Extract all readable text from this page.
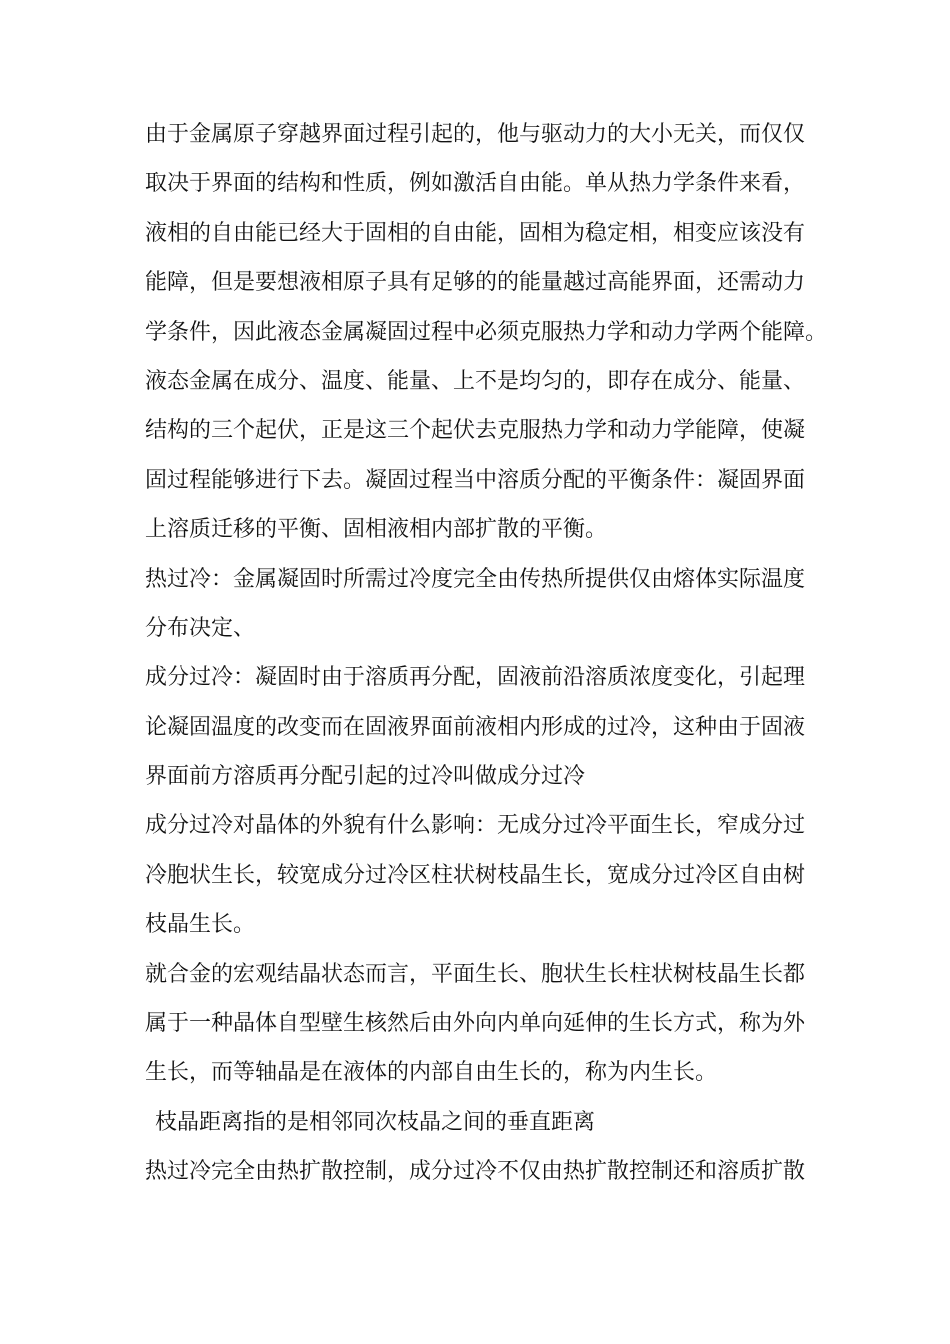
由于金属原子穿越界面过程引起的，他与驱动力的大小无关，而仅仅
取决于界面的结构和性质，例如激活自由能。单从热力学条件来看，
液相的自由能已经大于固相的自由能，固相为稳定相，相变应该没有
能障，但是要想液相原子具有足够的的能量越过高能界面，还需动力
学条件，因此液态金属凝固过程中必须克服热力学和动力学两个能障。
液态金属在成分、温度、能量、上不是均匀的，即存在成分、能量、
结构的三个起伏，正是这三个起伏去克服热力学和动力学能障，使凝
固过程能够进行下去。凝固过程当中溶质分配的平衡条件：凝固界面
上溶质迁移的平衡、固相液相内部扩散的平衡。
热过冷：金属凝固时所需过冷度完全由传热所提供仅由熔体实际温度
分布决定、
成分过冷：凝固时由于溶质再分配，固液前沿溶质浓度变化，引起理
论凝固温度的改变而在固液界面前液相内形成的过冷，这种由于固液
界面前方溶质再分配引起的过冷叫做成分过冷
成分过冷对晶体的外貌有什么影响：无成分过冷平面生长，窄成分过
冷胞状生长，较宽成分过冷区柱状树枝晶生长，宽成分过冷区自由树
枝晶生长。
就合金的宏观结晶状态而言，平面生长、胞状生长柱状树枝晶生长都
属于一种晶体自型壁生核然后由外向内单向延伸的生长方式，称为外
生长，而等轴晶是在液体的内部自由生长的，称为内生长。
枝晶距离指的是相邻同次枝晶之间的垂直距离
热过冷完全由热扩散控制，成分过冷不仅由热扩散控制还和溶质扩散
